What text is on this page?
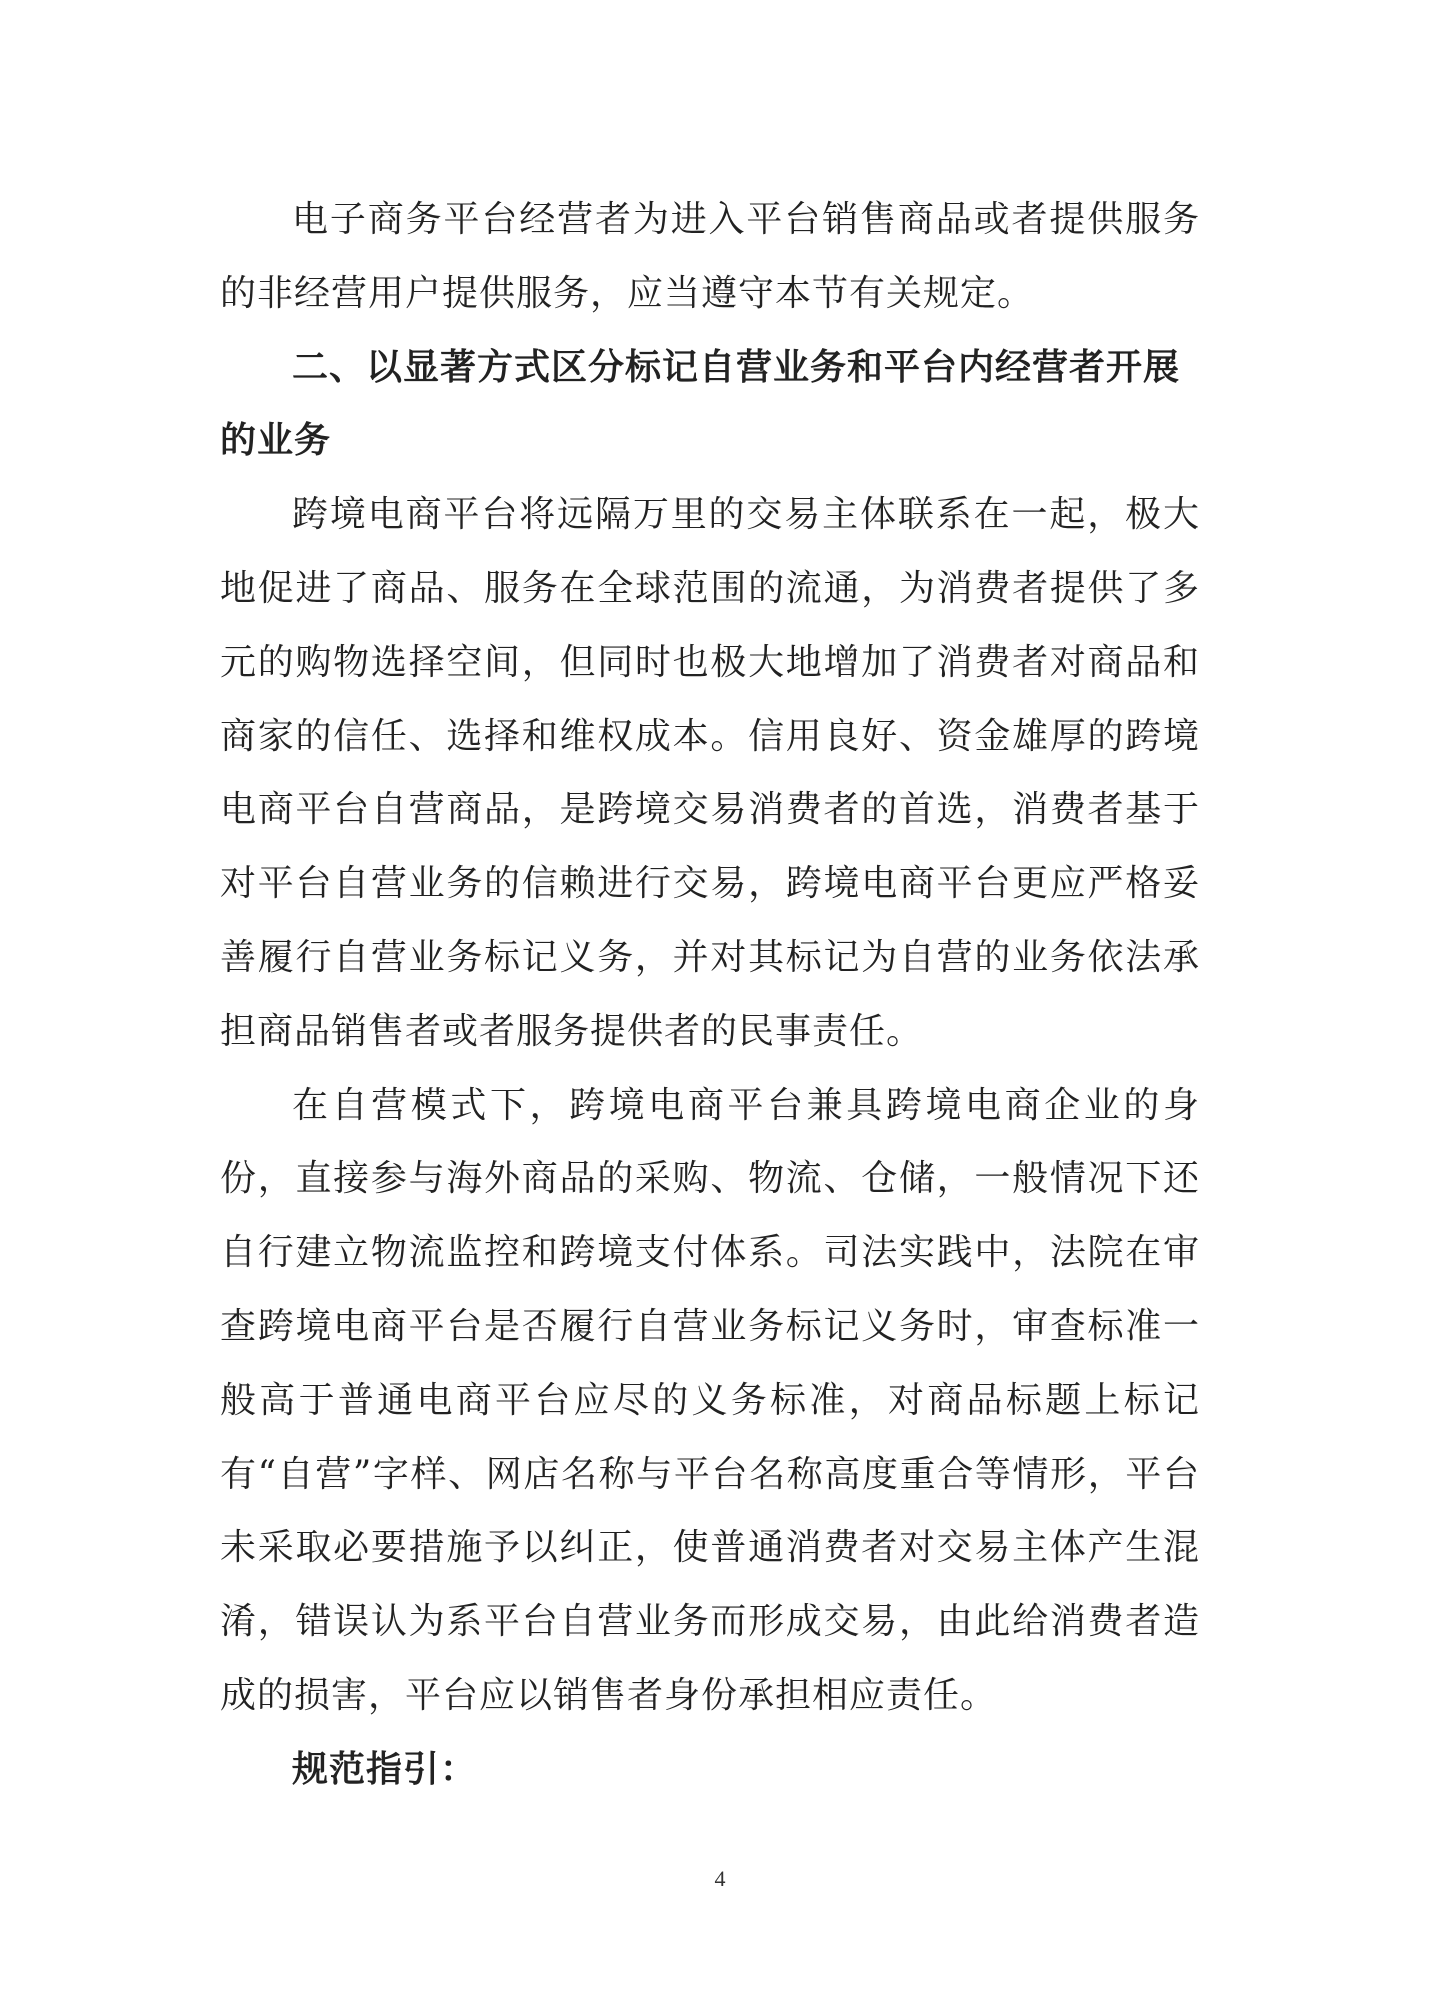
电子商务平台经营者为进入平台销售商品或者提供服务的非经营用户提供服务，应当遵守本节有关规定。

二、以显著方式区分标记自营业务和平台内经营者开展的业务

跨境电商平台将远隔万里的交易主体联系在一起，极大地促进了商品、服务在全球范围的流通，为消费者提供了多元的购物选择空间，但同时也极大地增加了消费者对商品和商家的信任、选择和维权成本。信用良好、资金雄厚的跨境电商平台自营商品，是跨境交易消费者的首选，消费者基于对平台自营业务的信赖进行交易，跨境电商平台更应严格妥善履行自营业务标记义务，并对其标记为自营的业务依法承担商品销售者或者服务提供者的民事责任。

在自营模式下，跨境电商平台兼具跨境电商企业的身份，直接参与海外商品的采购、物流、仓储，一般情况下还自行建立物流监控和跨境支付体系。司法实践中，法院在审查跨境电商平台是否履行自营业务标记义务时，审查标准一般高于普通电商平台应尽的义务标准，对商品标题上标记有“自营”字样、网店名称与平台名称高度重合等情形，平台未采取必要措施予以纠正，使普通消费者对交易主体产生混淆，错误认为系平台自营业务而形成交易，由此给消费者造成的损害，平台应以销售者身份承担相应责任。

规范指引：

4
